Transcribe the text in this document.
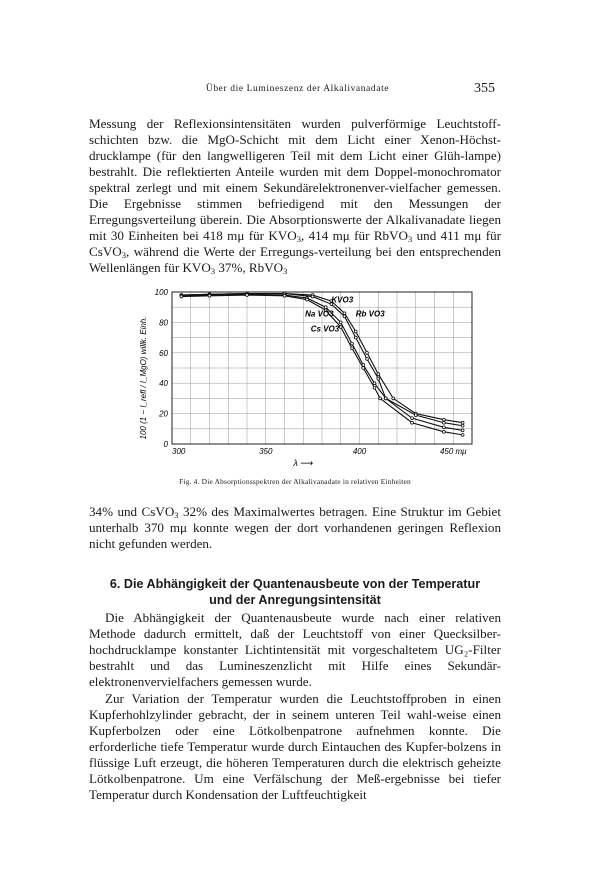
Über die Lumineszenz der Alkalivanadate	355

Messung der Reflexionsintensitäten wurden pulverförmige Leuchtstoff-schichten bzw. die MgO-Schicht mit dem Licht einer Xenon-Höchst-drucklampe (für den langwelligeren Teil mit dem Licht einer Glüh-lampe) bestrahlt. Die reflektierten Anteile wurden mit dem Doppel-monochromator spektral zerlegt und mit einem Sekundärelektronenver-vielfacher gemessen. Die Ergebnisse stimmen befriedigend mit den Messungen der Erregungsverteilung überein. Die Absorptionswerte der Alkalivanadate liegen mit 30 Einheiten bei 418 mμ für $KVO_3$, 414 mμ für RbVO$_3$ und 411 mμ für CsVO$_3$, während die Werte der Erregungs-verteilung bei den entsprechenden Wellenlängen für $KVO_3$ 37%, RbVO$_3$

0
20
40
60
80
100
300	350	400	450 mμ
λ ⟶
100 (1 − I_refl / I_MgO) willk. Einh.
KVO3
Rb VO3
Na VO3
Cs VO3
Fig. 4. Die Absorptionsspektren der Alkalivanadate in relativen Einheiten

34% und CsVO$_3$ 32% des Maximalwertes betragen. Eine Struktur im Gebiet unterhalb 370 mμ konnte wegen der dort vorhandenen geringen Reflexion nicht gefunden werden.

6. Die Abhängigkeit der Quantenausbeute von der Temperatur
und der Anregungsintensität

Die Abhängigkeit der Quantenausbeute wurde nach einer relativen Methode dadurch ermittelt, daß der Leuchtstoff von einer Quecksilber-hochdrucklampe konstanter Lichtintensität mit vorgeschaltetem UG₂-Filter bestrahlt und das Lumineszenzlicht mit Hilfe eines Sekundär-elektronenvervielfachers gemessen wurde.

Zur Variation der Temperatur wurden die Leuchtstoffproben in einen Kupferhohlzylinder gebracht, der in seinem unteren Teil wahl-weise einen Kupferbolzen oder eine Lötkolbenpatrone aufnehmen konnte. Die erforderliche tiefe Temperatur wurde durch Eintauchen des Kupfer-bolzens in flüssige Luft erzeugt, die höheren Temperaturen durch die elektrisch geheizte Lötkolbenpatrone. Um eine Verfälschung der Meß-ergebnisse bei tiefer Temperatur durch Kondensation der Luftfeuchtigkeit
